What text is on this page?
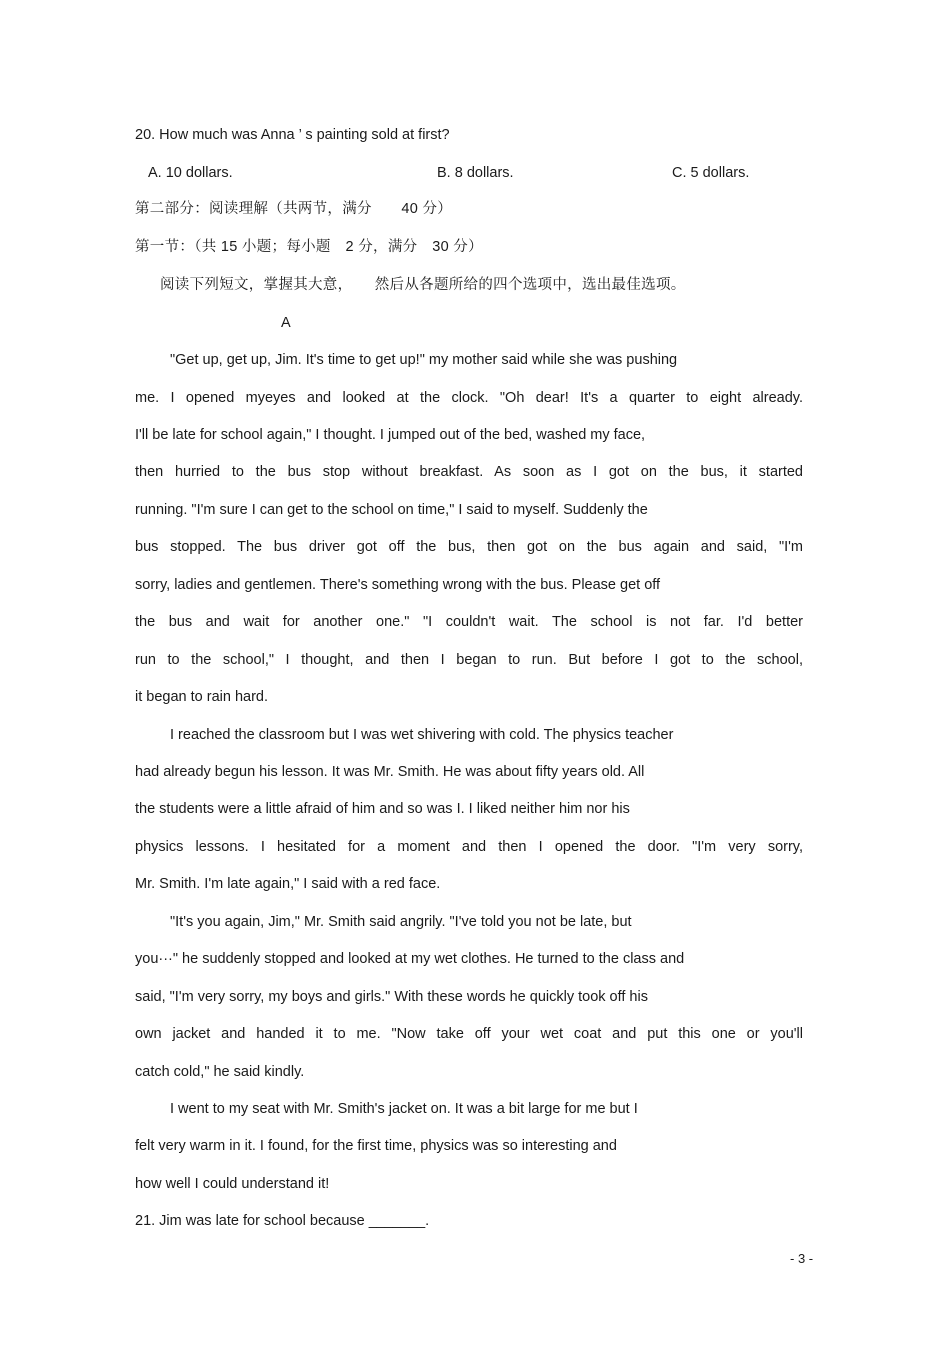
20. How much was Anna ’ s painting sold at first?
A. 10 dollars.	B. 8 dollars.	C. 5 dollars.
第二部分：阅读理解（共两节，满分　　40 分）
第一节：（共 15 小题；每小题　2 分，满分　30 分）
阅读下列短文，掌握其大意，　　然后从各题所给的四个选项中，选出最佳选项。
A
"Get up, get up, Jim. It's time to get up!" my mother said while she was pushing
me. I opened myeyes and looked at the clock. "Oh dear! It's a quarter to eight already.
I'll be late for school again," I thought. I jumped out of the bed, washed my face,
then hurried to the bus stop without breakfast. As soon as I got on the bus, it started
running. "I'm sure I can get to the school on time," I said to myself. Suddenly the
bus stopped. The bus driver got off the bus, then got on the bus again and said, "I'm
sorry, ladies and gentlemen. There's something wrong with the bus. Please get off
the bus and wait for another one." "I couldn't wait. The school is not far. I'd better
run to the school," I thought, and then I began to run. But before I got to the school,
it began to rain hard.
I reached the classroom but I was wet shivering with cold. The physics teacher
had already begun his lesson. It was Mr. Smith. He was about fifty years old. All
the students were a little afraid of him and so was I. I liked neither him nor his
physics lessons. I hesitated for a moment and then I opened the door. "I'm very sorry,
Mr. Smith. I'm late again," I said with a red face.
"It's you again, Jim," Mr. Smith said angrily. "I've told you not be late, but
you···" he suddenly stopped and looked at my wet clothes. He turned to the class and
said, "I'm very sorry, my boys and girls." With these words he quickly took off his
own jacket and handed it to me. "Now take off your wet coat and put this one or you'll
catch cold," he said kindly.
I went to my seat with Mr. Smith's jacket on. It was a bit large for me but I
felt very warm in it. I found, for the first time, physics was so interesting and
how well I could understand it!
21. Jim was late for school because _______.
- 3 -
